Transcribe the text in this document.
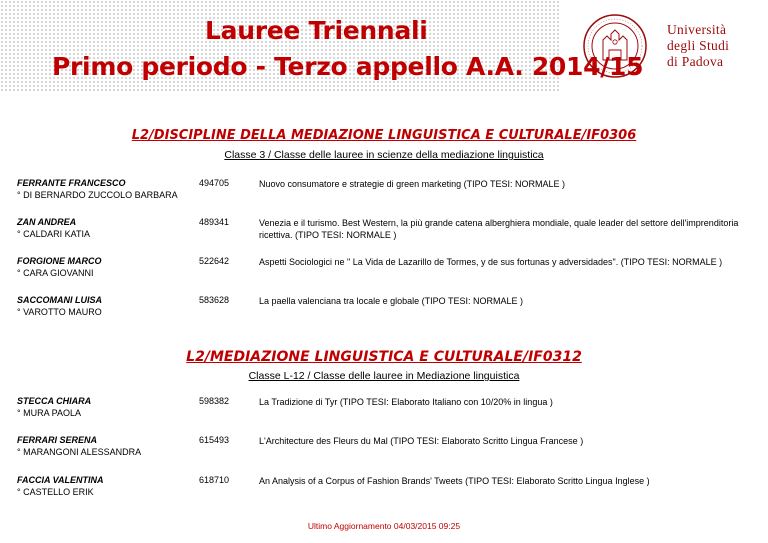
Lauree Triennali
Primo periodo - Terzo appello A.A. 2014/15
Università
degli Studi
di Padova
L2/DISCIPLINE DELLA MEDIAZIONE LINGUISTICA E CULTURALE/IF0306
Classe 3 / Classe delle lauree in scienze della mediazione linguistica
FERRANTE FRANCESCO
° DI BERNARDO ZUCCOLO BARBARA
494705	Nuovo consumatore e strategie di green marketing (TIPO TESI: NORMALE )
ZAN ANDREA
° CALDARI KATIA
489341	Venezia e il turismo. Best Western, la più grande catena alberghiera mondiale, quale leader del settore dell'imprenditoria ricettiva. (TIPO TESI: NORMALE )
FORGIONE MARCO
° CARA GIOVANNI
522642	Aspetti Sociologici ne " La Vida de Lazarillo de Tormes, y de sus fortunas y adversidades". (TIPO TESI: NORMALE )
SACCOMANI LUISA
° VAROTTO MAURO
583628	La paella valenciana tra locale e globale (TIPO TESI: NORMALE )
L2/MEDIAZIONE LINGUISTICA E CULTURALE/IF0312
Classe L-12 / Classe delle lauree in Mediazione linguistica
STECCA CHIARA
° MURA PAOLA
598382	La Tradizione di Tyr (TIPO TESI: Elaborato Italiano con 10/20% in lingua )
FERRARI SERENA
° MARANGONI ALESSANDRA
615493	L'Architecture des Fleurs du Mal (TIPO TESI: Elaborato Scritto Lingua Francese )
FACCIA VALENTINA
° CASTELLO ERIK
618710	An Analysis of a Corpus of Fashion Brands' Tweets (TIPO TESI: Elaborato Scritto Lingua Inglese )
Ultimo Aggiornamento 04/03/2015 09:25
